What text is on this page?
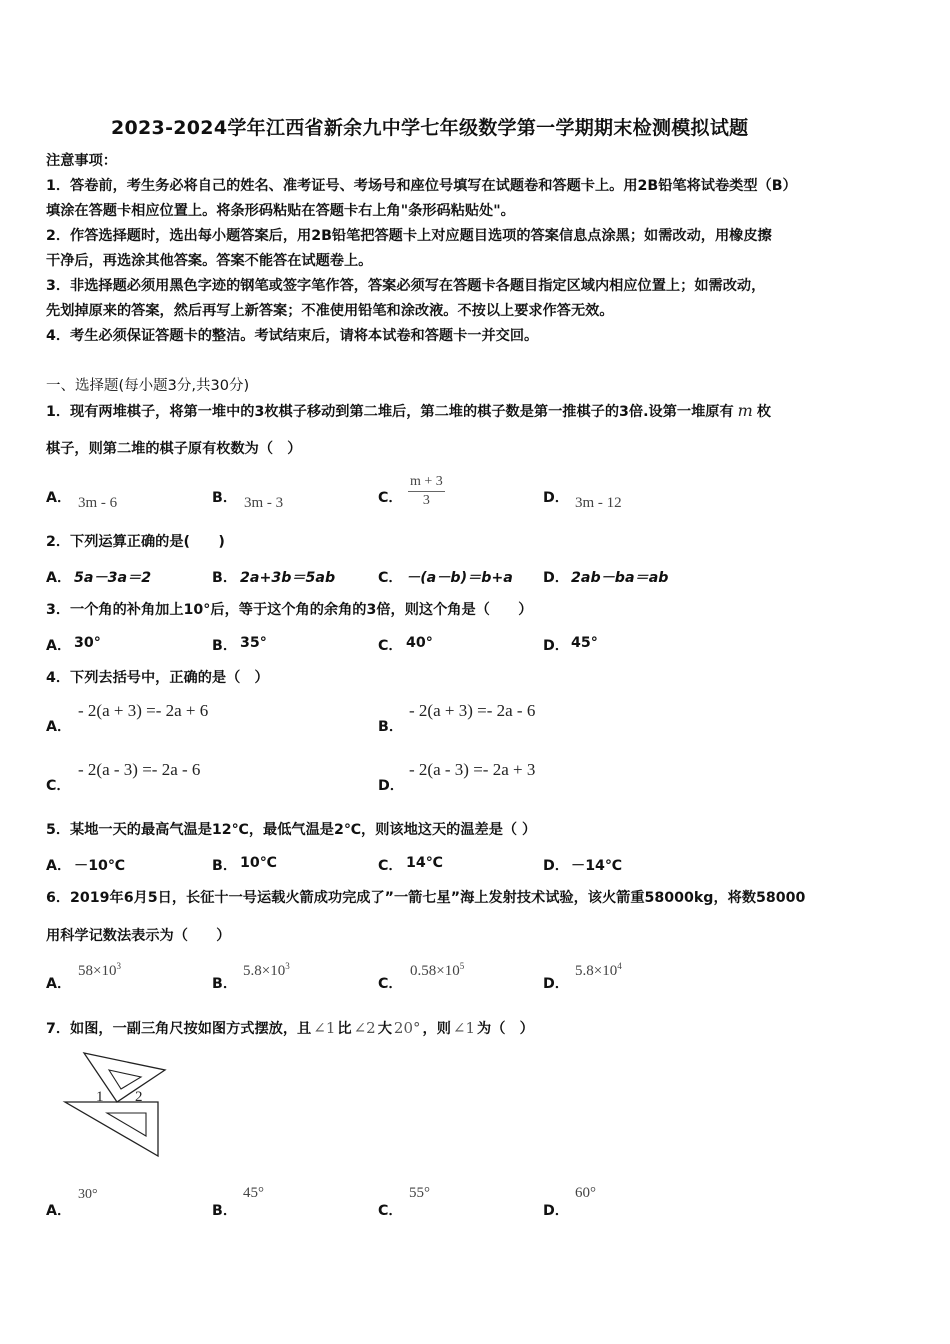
2023-2024学年江西省新余九中学七年级数学第一学期期末检测模拟试题
注意事项：
1．答卷前，考生务必将自己的姓名、准考证号、考场号和座位号填写在试题卷和答题卡上。用2B铅笔将试卷类型（B）
填涂在答题卡相应位置上。将条形码粘贴在答题卡右上角"条形码粘贴处"。
2．作答选择题时，选出每小题答案后，用2B铅笔把答题卡上对应题目选项的答案信息点涂黑；如需改动，用橡皮擦
干净后，再选涂其他答案。答案不能答在试题卷上。
3．非选择题必须用黑色字迹的钢笔或签字笔作答，答案必须写在答题卡各题目指定区域内相应位置上；如需改动，
先划掉原来的答案，然后再写上新答案；不准使用铅笔和涂改液。不按以上要求作答无效。
4．考生必须保证答题卡的整洁。考试结束后，请将本试卷和答题卡一并交回。
一、选择题(每小题3分,共30分)
1．现有两堆棋子，将第一堆中的3枚棋子移动到第二堆后，第二堆的棋子数是第一推棋子的3倍.设第一堆原有 m 枚
棋子，则第二堆的棋子原有枚数为（　）
A． 3m - 6	B． 3m - 3	C． $\frac{m + 3}{3}$	D． 3m - 12
2．下列运算正确的是(　　)
A． 5a－3a＝2	B． 2a+3b＝5ab	C． －(a－b)＝b+a D． 2ab－ba＝ab
3．一个角的补角加上10°后，等于这个角的余角的3倍，则这个角是（　　）
A． 30°	B． 35°	C． 40°	D． 45°
4．下列去括号中，正确的是（　）
A．
- 2(a + 3) =- 2a + 6
B．
- 2(a + 3) =- 2a - 6
C．
- 2(a - 3) =- 2a - 6
D．
- 2(a - 3) =- 2a + 3
5．某地一天的最高气温是12℃，最低气温是2℃，则该地这天的温差是（ ）
A． －10℃	B． 10℃	C． 14℃	D． －14℃
6．2019年6月5日，长征十一号运载火箭成功完成了”一箭七星”海上发射技术试验，该火箭重58000kg，将数58000
用科学记数法表示为（　　）
A．
$58\times 10^3$
B．
$5.8\times 10^3$
C．
$0.58\times 10^5$
D．
$5.8\times 10^4$
7．如图，一副三角尺按如图方式摆放，且 ∠1 比 ∠2 大 20° ，则 ∠1 为（　）
1 2
A．
30°
B．
45°
C．
55°
D．
60°
